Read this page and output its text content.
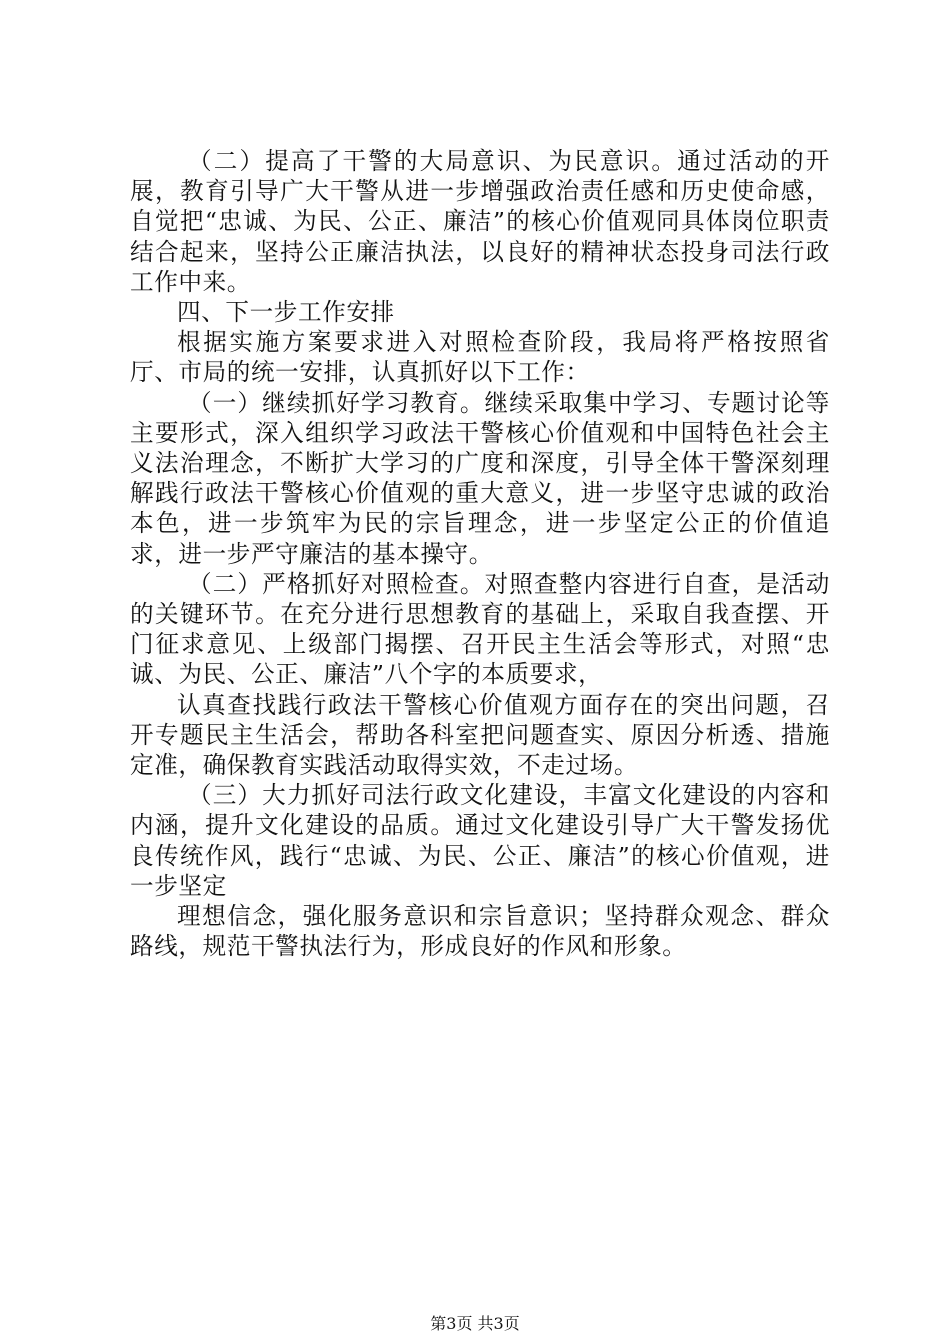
（二）提高了干警的大局意识、为民意识。通过活动的开展，教育引导广大干警从进一步增强政治责任感和历史使命感，自觉把“忠诚、为民、公正、廉洁”的核心价值观同具体岗位职责结合起来，坚持公正廉洁执法，以良好的精神状态投身司法行政工作中来。

四、下一步工作安排

根据实施方案要求进入对照检查阶段，我局将严格按照省厅、市局的统一安排，认真抓好以下工作：

（一）继续抓好学习教育。继续采取集中学习、专题讨论等主要形式，深入组织学习政法干警核心价值观和中国特色社会主义法治理念，不断扩大学习的广度和深度，引导全体干警深刻理解践行政法干警核心价值观的重大意义，进一步坚守忠诚的政治本色，进一步筑牢为民的宗旨理念，进一步坚定公正的价值追求，进一步严守廉洁的基本操守。

（二）严格抓好对照检查。对照查整内容进行自查，是活动的关键环节。在充分进行思想教育的基础上，采取自我查摆、开门征求意见、上级部门揭摆、召开民主生活会等形式，对照“忠诚、为民、公正、廉洁”八个字的本质要求，

认真查找践行政法干警核心价值观方面存在的突出问题，召开专题民主生活会，帮助各科室把问题查实、原因分析透、措施定准，确保教育实践活动取得实效，不走过场。

（三）大力抓好司法行政文化建设，丰富文化建设的内容和内涵，提升文化建设的品质。通过文化建设引导广大干警发扬优良传统作风，践行“忠诚、为民、公正、廉洁”的核心价值观，进一步坚定

理想信念，强化服务意识和宗旨意识；坚持群众观念、群众路线，规范干警执法行为，形成良好的作风和形象。

第3页 共3页
